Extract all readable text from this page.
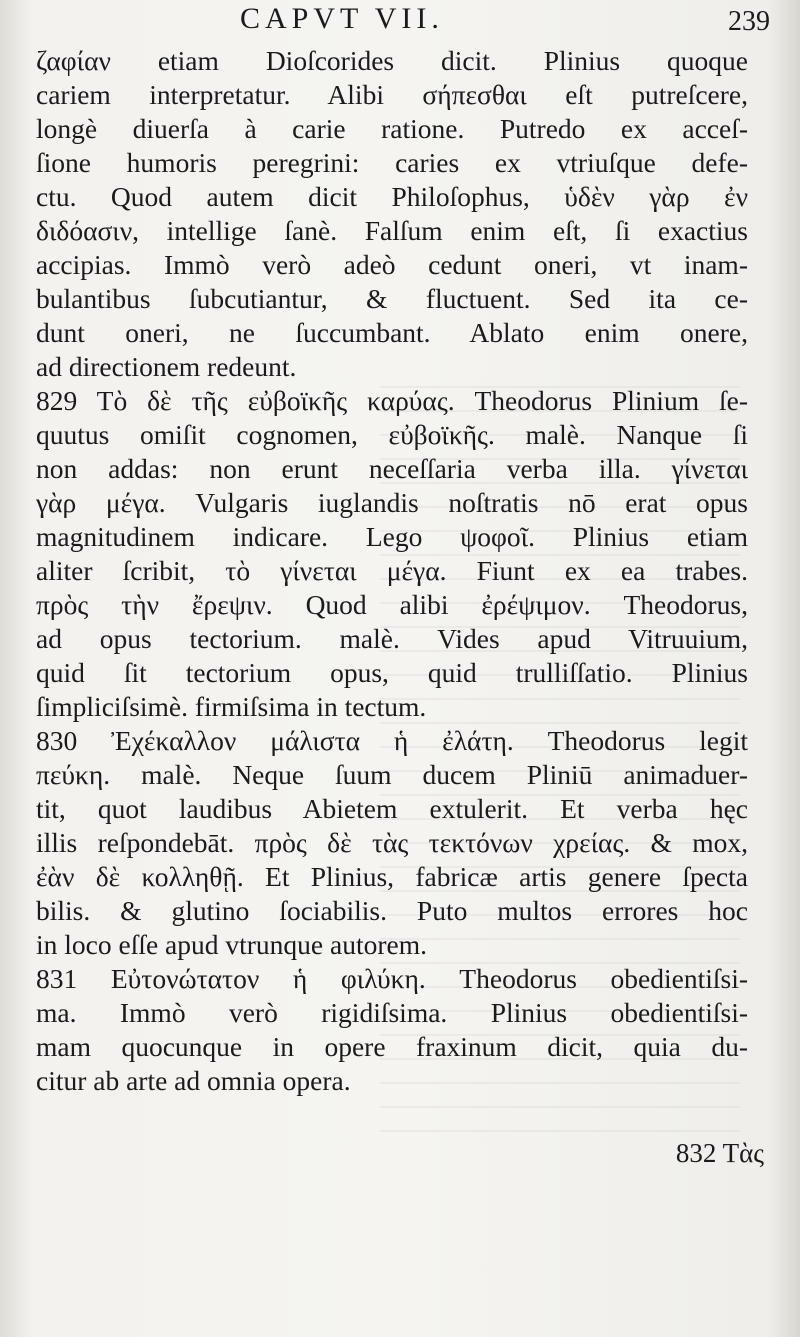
CAPVT VII.	239
ζαφίαν etiam Dioſcorides dicit. Plinius quoque
cariem interpretatur. Alibi σήπεσθαι eſt putreſcere,
longè diuerſa à carie ratione. Putredo ex acceſ-
ſione humoris peregrini: caries ex vtriuſque defe-
ctu. Quod autem dicit Philoſophus, ὑδὲν γὰρ ἐν
διδόασιν, intellige ſanè. Falſum enim eſt, ſi exactius
accipias. Immò verò adeò cedunt oneri, vt inam-
bulantibus ſubcutiantur, & fluctuent. Sed ita ce-
dunt oneri, ne ſuccumbant. Ablato enim onere,
ad directionem redeunt.
829 Τὸ δὲ τῆς εὐβοϊκῆς καρύας. Theodorus Plinium ſe-
quutus omiſit cognomen, εὐβοϊκῆς. malè. Nanque ſi
non addas: non erunt neceſſaria verba illa. γίνεται
γὰρ μέγα. Vulgaris iuglandis noſtratis nō erat opus
magnitudinem indicare. Lego ψοφοῖ. Plinius etiam
aliter ſcribit, τὸ γίνεται μέγα. Fiunt ex ea trabes.
πρὸς τὴν ἔρεψιν. Quod alibi ἐρέψιμον. Theodorus,
ad opus tectorium. malè. Vides apud Vitruuium,
quid ſit tectorium opus, quid trulliſſatio. Plinius
ſimpliciſsimè. firmiſsima in tectum.
830 Ἐχέκαλλον μάλιστα ἡ ἐλάτη. Theodorus legit
πεύκη. malè. Neque ſuum ducem Pliniū animaduer-
tit, quot laudibus Abietem extulerit. Et verba hęc
illis reſpondebāt. πρὸς δὲ τὰς τεκτόνων χρείας. & mox,
ἐὰν δὲ κολληθῇ. Et Plinius, fabricæ artis genere ſpecta
bilis. & glutino ſociabilis. Puto multos errores hoc
in loco eſſe apud vtrunque autorem.
831 Εὐτονώτατον ἡ φιλύκη. Theodorus obedientiſsi-
ma. Immò verò rigidiſsima. Plinius obedientiſsi-
mam quocunque in opere fraxinum dicit, quia du-
citur ab arte ad omnia opera.
832 Τὰς
